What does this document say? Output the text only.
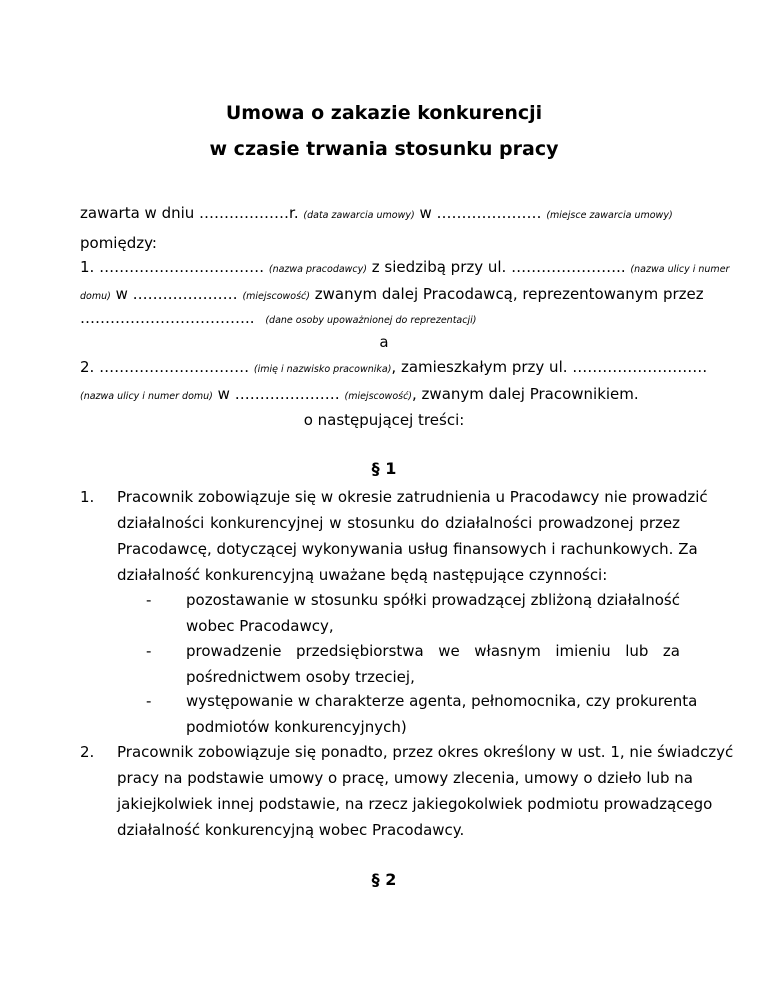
Umowa o zakazie konkurencji
w czasie trwania stosunku pracy
zawarta w dniu ………………r. (data zawarcia umowy) w ………………… (miejsce zawarcia umowy)
pomiędzy:
1. …………………………… (nazwa pracodawcy) z siedzibą przy ul. ………………….. (nazwa ulicy i numer
domu) w ………………… (miejscowość) zwanym dalej Pracodawcą, reprezentowanym przez
…………………………….. (dane osoby upoważnionej do reprezentacji)
a
2. ………………………… (imię i nazwisko pracownika), zamieszkałym przy ul. ………………………
(nazwa ulicy i numer domu) w ………………… (miejscowość), zwanym dalej Pracownikiem.
o następującej treści:
§ 1
1. Pracownik zobowiązuje się w okresie zatrudnienia u Pracodawcy nie prowadzić
działalności konkurencyjnej w stosunku do działalności prowadzonej przez
Pracodawcę, dotyczącej wykonywania usług finansowych i rachunkowych. Za
działalność konkurencyjną uważane będą następujące czynności:
- pozostawanie w stosunku spółki prowadzącej zbliżoną działalność
wobec Pracodawcy,
- prowadzenie przedsiębiorstwa we własnym imieniu lub za
pośrednictwem osoby trzeciej,
- występowanie w charakterze agenta, pełnomocnika, czy prokurenta
podmiotów konkurencyjnych)
2. Pracownik zobowiązuje się ponadto, przez okres określony w ust. 1, nie świadczyć
pracy na podstawie umowy o pracę, umowy zlecenia, umowy o dzieło lub na
jakiejkolwiek innej podstawie, na rzecz jakiegokolwiek podmiotu prowadzącego
działalność konkurencyjną wobec Pracodawcy.
§ 2
